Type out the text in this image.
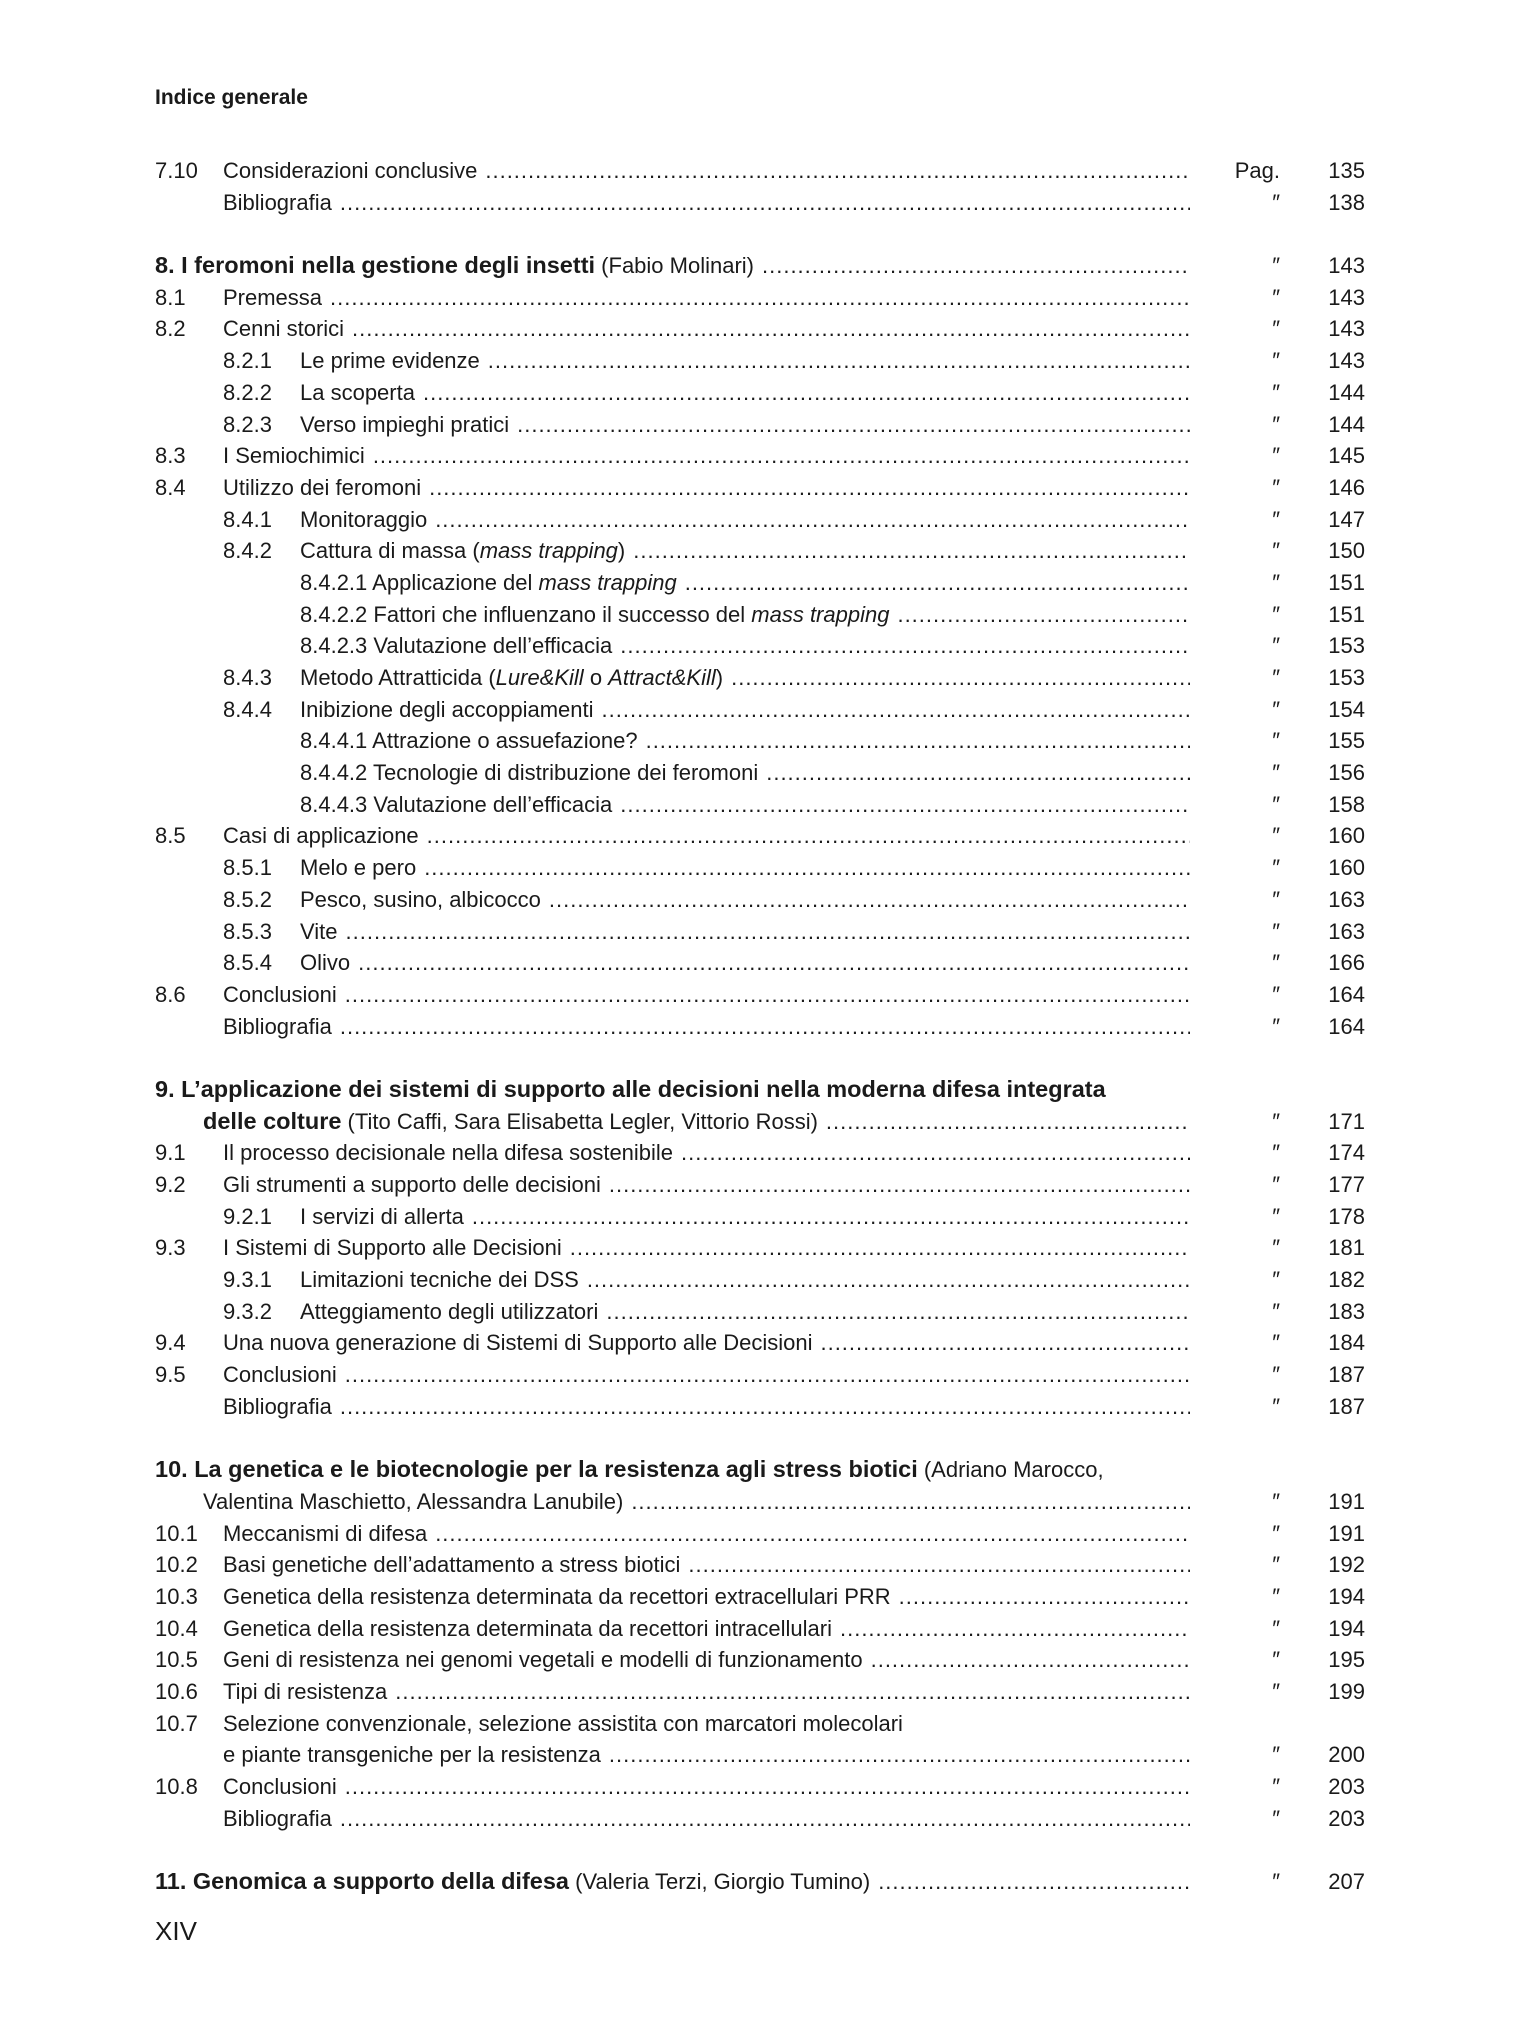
Indice generale
7.10 Considerazioni conclusive .....	Pag.	135
Bibliografia .....	″	138
8. I feromoni nella gestione degli insetti (Fabio Molinari) .....	″	143
8.1 Premessa .....	″	143
8.2 Cenni storici .....	″	143
8.2.1 Le prime evidenze .....	″	143
8.2.2 La scoperta .....	″	144
8.2.3 Verso impieghi pratici .....	″	144
8.3 I Semiochimici .....	″	145
8.4 Utilizzo dei feromoni .....	″	146
8.4.1 Monitoraggio .....	″	147
8.4.2 Cattura di massa (mass trapping) .....	″	150
8.4.2.1 Applicazione del mass trapping .....	″	151
8.4.2.2 Fattori che influenzano il successo del mass trapping .....	″	151
8.4.2.3 Valutazione dell’efficacia .....	″	153
8.4.3 Metodo Attratticida (Lure&Kill o Attract&Kill) .....	″	153
8.4.4 Inibizione degli accoppiamenti .....	″	154
8.4.4.1 Attrazione o assuefazione? .....	″	155
8.4.4.2 Tecnologie di distribuzione dei feromoni .....	″	156
8.4.4.3 Valutazione dell’efficacia .....	″	158
8.5 Casi di applicazione .....	″	160
8.5.1 Melo e pero .....	″	160
8.5.2 Pesco, susino, albicocco .....	″	163
8.5.3 Vite .....	″	163
8.5.4 Olivo .....	″	166
8.6 Conclusioni .....	″	164
Bibliografia .....	″	164
9. L’applicazione dei sistemi di supporto alle decisioni nella moderna difesa integrata
delle colture (Tito Caffi, Sara Elisabetta Legler, Vittorio Rossi) .....	″	171
9.1 Il processo decisionale nella difesa sostenibile .....	″	174
9.2 Gli strumenti a supporto delle decisioni .....	″	177
9.2.1 I servizi di allerta .....	″	178
9.3 I Sistemi di Supporto alle Decisioni .....	″	181
9.3.1 Limitazioni tecniche dei DSS .....	″	182
9.3.2 Atteggiamento degli utilizzatori .....	″	183
9.4 Una nuova generazione di Sistemi di Supporto alle Decisioni .....	″	184
9.5 Conclusioni .....	″	187
Bibliografia .....	″	187
10. La genetica e le biotecnologie per la resistenza agli stress biotici (Adriano Marocco,
Valentina Maschietto, Alessandra Lanubile) .....	″	191
10.1 Meccanismi di difesa .....	″	191
10.2 Basi genetiche dell’adattamento a stress biotici .....	″	192
10.3 Genetica della resistenza determinata da recettori extracellulari PRR .....	″	194
10.4 Genetica della resistenza determinata da recettori intracellulari .....	″	194
10.5 Geni di resistenza nei genomi vegetali e modelli di funzionamento .....	″	195
10.6 Tipi di resistenza .....	″	199
10.7 Selezione convenzionale, selezione assistita con marcatori molecolari
e piante transgeniche per la resistenza .....	″	200
10.8 Conclusioni .....	″	203
Bibliografia .....	″	203
11. Genomica a supporto della difesa (Valeria Terzi, Giorgio Tumino) .....	″	207
XIV
